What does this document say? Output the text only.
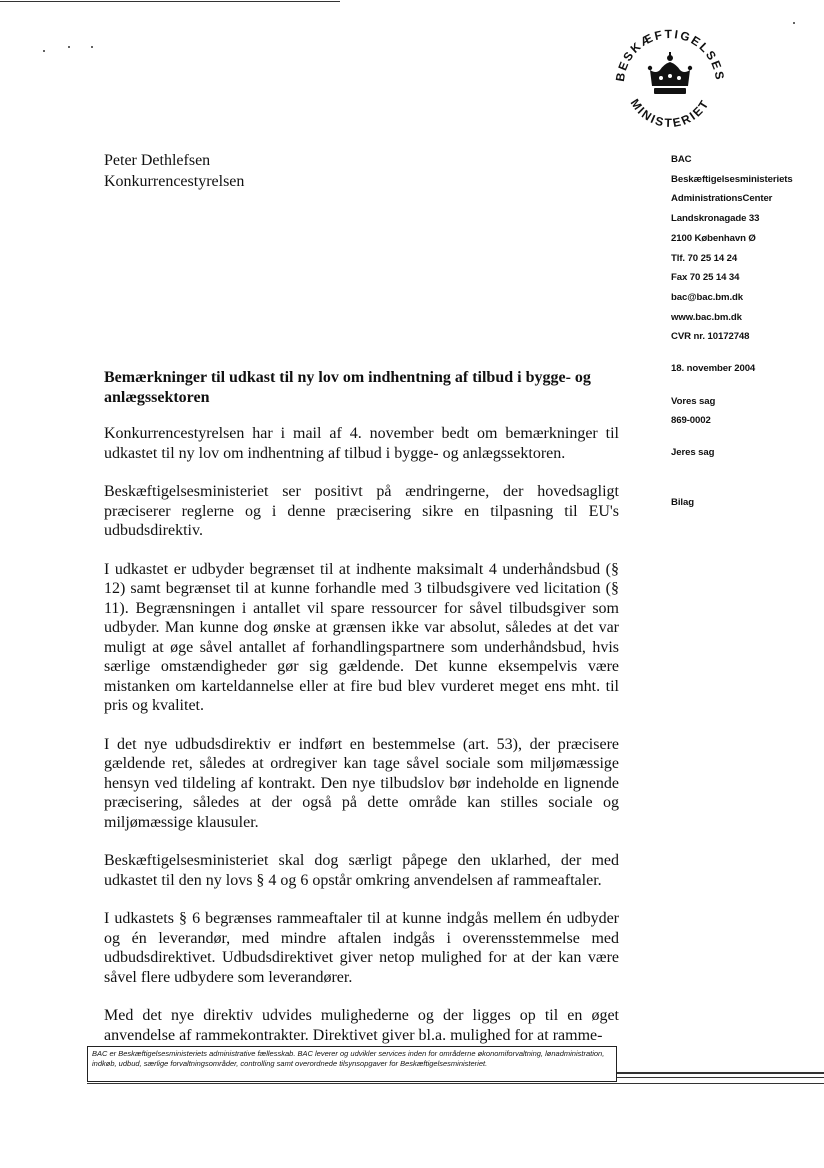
BESKÆFTIGELSES
MINISTERIET
Peter Dethlefsen
Konkurrencestyrelsen
BAC
Beskæftigelsesministeriets
AdministrationsCenter
Landskronagade 33
2100 København Ø
Tlf. 70 25 14 24
Fax 70 25 14 34
bac@bac.bm.dk
www.bac.bm.dk
CVR nr. 10172748
18. november 2004
Vores sag
869-0002
Jeres sag
Bilag
Bemærkninger til udkast til ny lov om indhentning af tilbud i bygge- og anlægssektoren

Konkurrencestyrelsen har i mail af 4. november bedt om bemærkninger til udkastet til ny lov om indhentning af tilbud i bygge- og anlægssektoren.

Beskæftigelsesministeriet ser positivt på ændringerne, der hovedsagligt præciserer reglerne og i denne præcisering sikre en tilpasning til EU's udbudsdirektiv.

I udkastet er udbyder begrænset til at indhente maksimalt 4 underhåndsbud (§ 12) samt begrænset til at kunne forhandle med 3 tilbudsgivere ved licitation (§ 11). Begrænsningen i antallet vil spare ressourcer for såvel tilbudsgiver som udbyder. Man kunne dog ønske at grænsen ikke var absolut, således at det var muligt at øge såvel antallet af forhandlingspartnere som underhåndsbud, hvis særlige omstændigheder gør sig gældende. Det kunne eksempelvis være mistanken om karteldannelse eller at fire bud blev vurderet meget ens mht. til pris og kvalitet.

I det nye udbudsdirektiv er indført en bestemmelse (art. 53), der præcisere gældende ret, således at ordregiver kan tage såvel sociale som miljømæssige hensyn ved tildeling af kontrakt. Den nye tilbudslov bør indeholde en lignende præcisering, således at der også på dette område kan stilles sociale og miljømæssige klausuler.

Beskæftigelsesministeriet skal dog særligt påpege den uklarhed, der med udkastet til den ny lovs § 4 og 6 opstår omkring anvendelsen af rammeaftaler.

I udkastets § 6 begrænses rammeaftaler til at kunne indgås mellem én udbyder og én leverandør, med mindre aftalen indgås i overensstemmelse med udbudsdirektivet. Udbudsdirektivet giver netop mulighed for at der kan være såvel flere udbydere som leverandører.

Med det nye direktiv udvides mulighederne og der ligges op til en øget anvendelse af rammekontrakter. Direktivet giver bl.a. mulighed for at ramme-

BAC er Beskæftigelsesministeriets administrative fællesskab. BAC leverer og udvikler services inden for områderne økonomiforvaltning, lønadministration, indkøb, udbud, særlige forvaltningsområder, controlling samt overordnede tilsynsopgaver for Beskæftigelsesministeriet.
